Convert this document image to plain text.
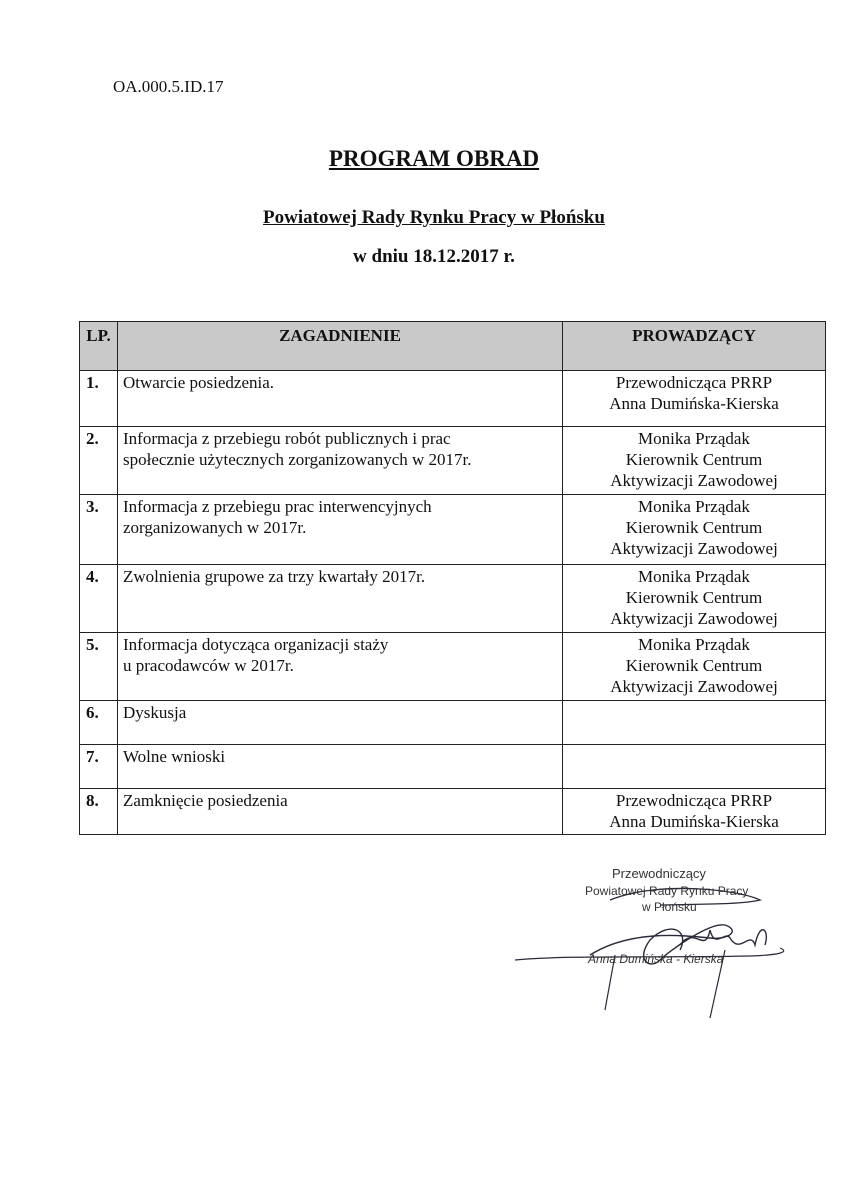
OA.000.5.ID.17
PROGRAM OBRAD
Powiatowej Rady Rynku Pracy w Płońsku
w dniu 18.12.2017 r.
LP.	ZAGADNIENIE	PROWADZĄCY
1.	Otwarcie posiedzenia.	Przewodnicząca PRRP
Anna Dumińska-Kierska

2.	Informacja z przebiegu robót publicznych i prac
społecznie użytecznych zorganizowanych w 2017r.	Monika Prządak
Kierownik Centrum
Aktywizacji Zawodowej

3.	Informacja z przebiegu prac interwencyjnych
zorganizowanych w 2017r.	Monika Prządak
Kierownik Centrum
Aktywizacji Zawodowej

4.	Zwolnienia grupowe za trzy kwartały 2017r.	Monika Prządak
Kierownik Centrum
Aktywizacji Zawodowej

5.	Informacja dotycząca organizacji staży
u pracodawców w 2017r.	Monika Prządak
Kierownik Centrum
Aktywizacji Zawodowej

6.	Dyskusja	

7.	Wolne wnioski	

8.	Zamknięcie posiedzenia	Przewodnicząca PRRP
Anna Dumińska-Kierska
Przewodniczący
Powiatowej Rady Rynku Pracy
w Płońsku
Anna Dumińska - Kierska
